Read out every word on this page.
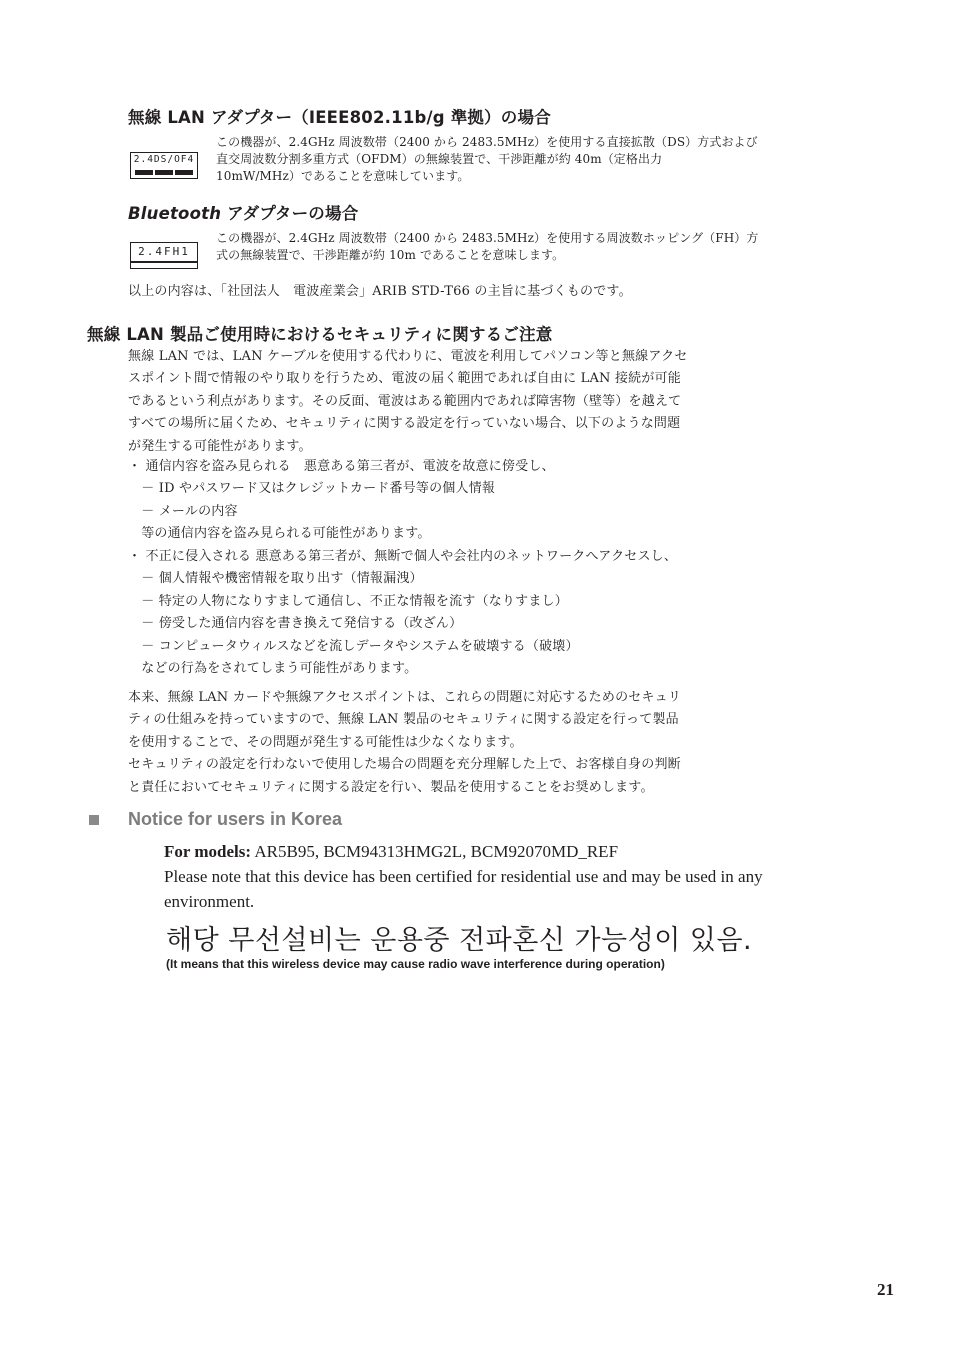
無線 LAN アダプター（IEEE802.11b/g 準拠）の場合
2.4DS/OF4
この機器が、2.4GHz 周波数帯（2400 から 2483.5MHz）を使用する直接拡散（DS）方式および
直交周波数分割多重方式（OFDM）の無線装置で、干渉距離が約 40m（定格出力
10mW/MHz）であることを意味しています。
Bluetooth アダプターの場合
2.4FH1
この機器が、2.4GHz 周波数帯（2400 から 2483.5MHz）を使用する周波数ホッピング（FH）方
式の無線装置で、干渉距離が約 10m であることを意味します。
以上の内容は、「社団法人　電波産業会」ARIB STD-T66 の主旨に基づくものです。
無線 LAN 製品ご使用時におけるセキュリティに関するご注意
無線 LAN では、LAN ケーブルを使用する代わりに、電波を利用してパソコン等と無線アクセ
スポイント間で情報のやり取りを行うため、電波の届く範囲であれば自由に LAN 接続が可能
であるという利点があります。その反面、電波はある範囲内であれば障害物（壁等）を越えて
すべての場所に届くため、セキュリティに関する設定を行っていない場合、以下のような問題
が発生する可能性があります。
・ 通信内容を盗み見られる　悪意ある第三者が、電波を故意に傍受し、
　－ ID やパスワード又はクレジットカード番号等の個人情報
　－ メールの内容
　等の通信内容を盗み見られる可能性があります。
・ 不正に侵入される 悪意ある第三者が、無断で個人や会社内のネットワークへアクセスし、
　－ 個人情報や機密情報を取り出す（情報漏洩）
　－ 特定の人物になりすまして通信し、不正な情報を流す（なりすまし）
　－ 傍受した通信内容を書き換えて発信する（改ざん）
　－ コンピュータウィルスなどを流しデータやシステムを破壊する（破壊）
　などの行為をされてしまう可能性があります。
本来、無線 LAN カードや無線アクセスポイントは、これらの問題に対応するためのセキュリ
ティの仕組みを持っていますので、無線 LAN 製品のセキュリティに関する設定を行って製品
を使用することで、その問題が発生する可能性は少なくなります。
セキュリティの設定を行わないで使用した場合の問題を充分理解した上で、お客様自身の判断
と責任においてセキュリティに関する設定を行い、製品を使用することをお奨めします。
Notice for users in Korea
For models: AR5B95, BCM94313HMG2L, BCM92070MD_REF
Please note that this device has been certified for residential use and may be used in any
environment.
해당 무선설비는 운용중 전파혼신 가능성이 있음.
(It means that this wireless device may cause radio wave interference during operation)
21
